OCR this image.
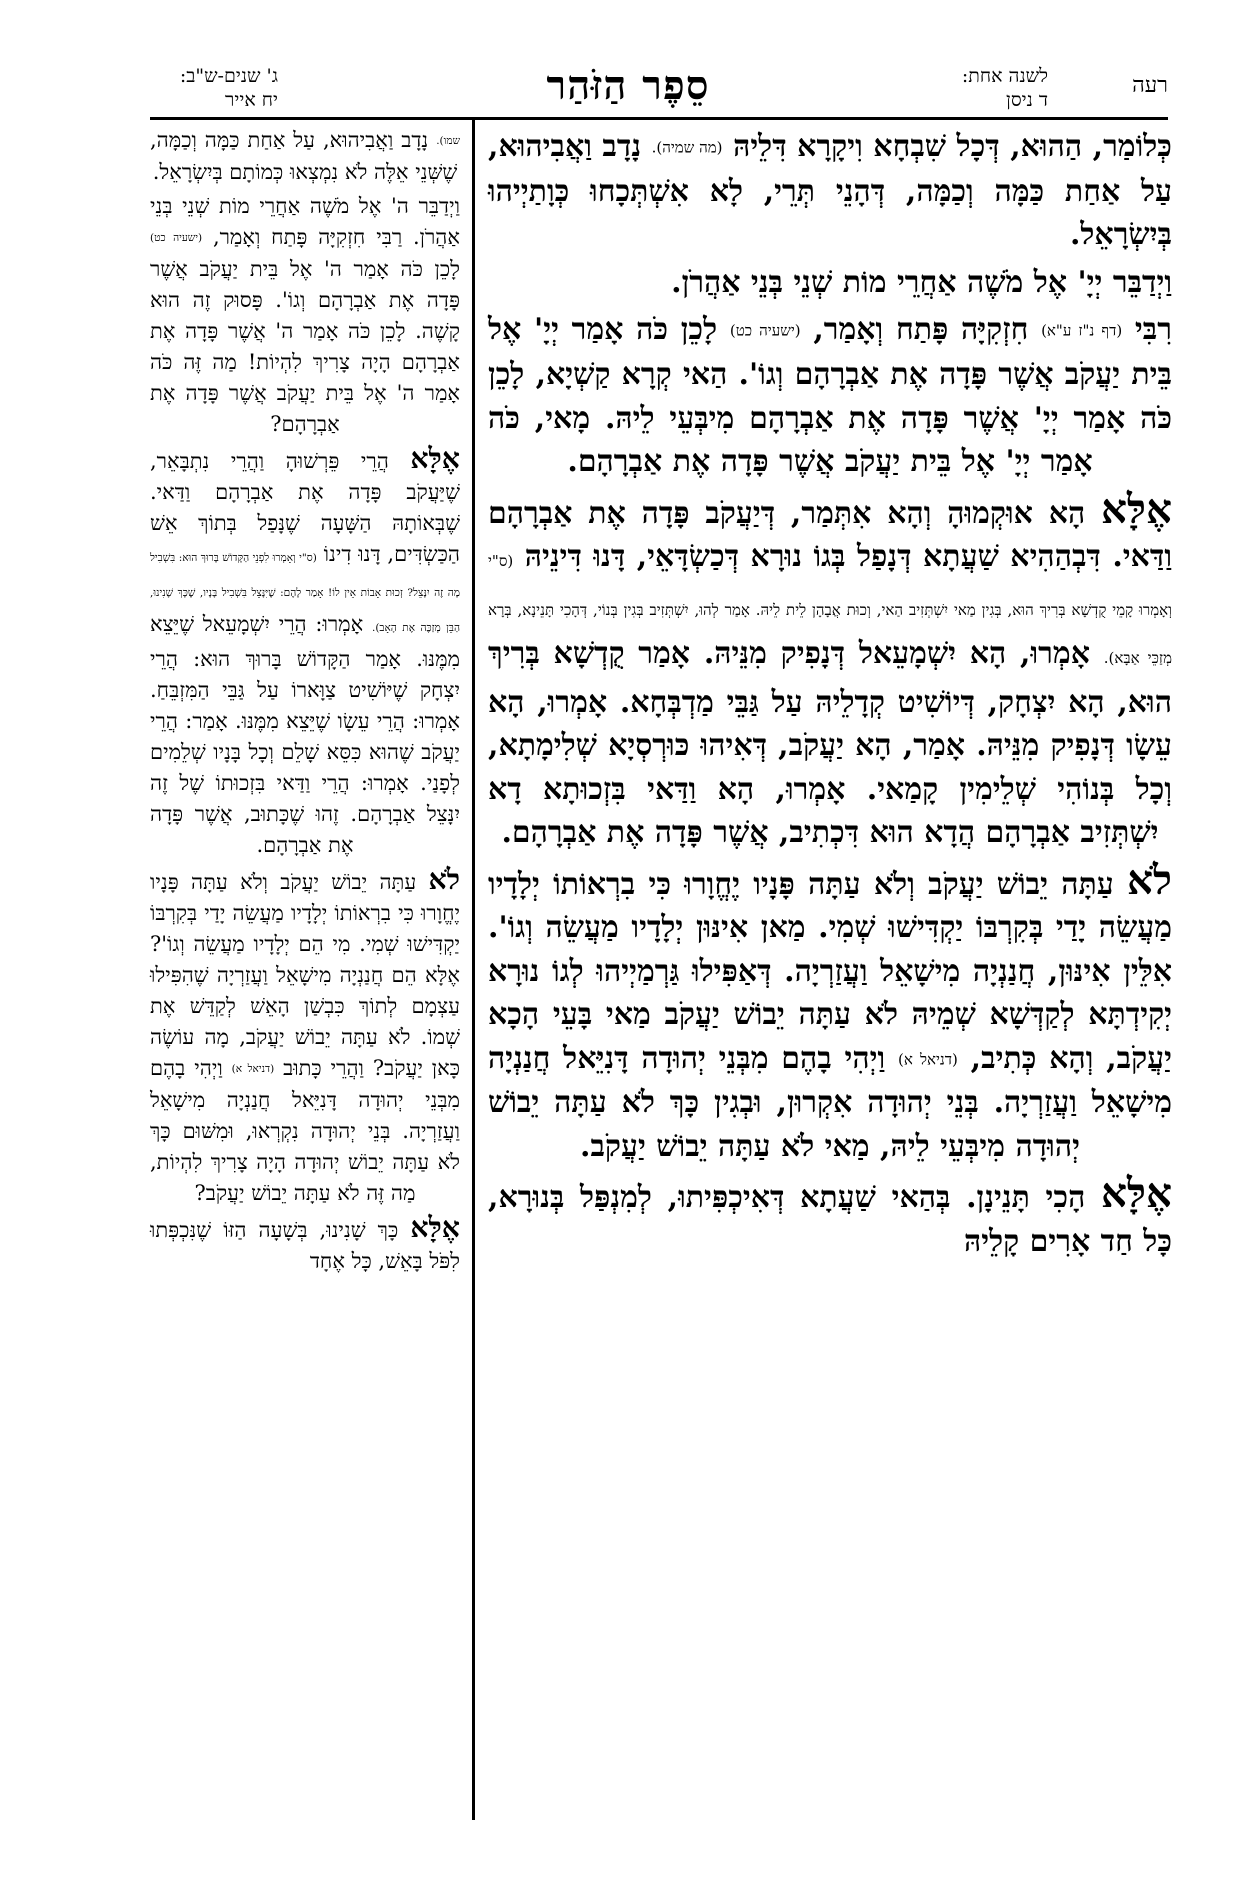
רעה
לשנה אחת:
ד ניסן
סֵפֶר הַזֹּהַר
ג' שנים-ש"ב:
יח אייר

כְּלוֹמַר, הַהוּא, דְּכָל שִׁבְחָא וִיקָרָא דִּלֵיהּ (מה שמיה). נָדָב וַאֲבִיהוּא, עַל אַחַת כַּמָּה וְכַמָּה, דְּהָנֵי תְּרֵי, לָא אִשְׁתְּכָחוּ כְּוָתַיְיהוּ בְּיִשְׂרָאֵל.

וַיְדַבֵּר יְיָ' אֶל מֹשֶׁה אַחֲרֵי מוֹת שְׁנֵי בְּנֵי אַהֲרֹן.

רִבִּי (דף נ"ז ע"א) חִזְקִיָּה פָּתַח וְאָמַר, (ישעיה כט) לָכֵן כֹּה אָמַר יְיָ' אֶל בֵּית יַעֲקֹב אֲשֶׁר פָּדָה אֶת אַבְרָהָם וְגוֹ'. הַאי קְרָא קַשְׁיָא, לָכֵן כֹּה אָמַר יְיָ' אֲשֶׁר פָּדָה אֶת אַבְרָהָם מִיבְּעֵי לֵיהּ. מָאי, כֹּה אָמַר יְיָ' אֶל בֵּית יַעֲקֹב אֲשֶׁר פָּדָה אֶת אַבְרָהָם.

אֶלָּא הָא אוּקְמוּהָ וְהָא אִתְּמַר, דְּיַעֲקֹב פָּדָה אֶת אַבְרָהָם וַדַּאי. דִּבְהַהִיא שַׁעֲתָא דְּנָפַל בְּגוֹ נוּרָא דְּכַשְׂדָּאֵי, דָּנוּ דִּינֵיהּ (ס"י וְאָמְרוּ קָמֵי קֻדְשָׁא בְּרִיךְ הוּא, בְּגִין מַאי יִשְׁתְּזִיב הַאי, וְכוּת אֲבָהָן לֵית לֵיהּ. אָמַר לְהוּ, יִשְׁתְּזִיב בְּגִין בְּנוֹי, דְּהָכִי תָּנֵינָא, בְּרָא מְזַכֵּי אַבָּא). אָמְרוּ, הָא יִשְׁמָעֵאל דְּנָפִיק מִנֵּיהּ. אָמַר קֻדְשָׁא בְּרִיךְ הוּא, הָא יִצְחָק, דְּיוֹשִׁיט קְדָלֵיהּ עַל גַּבֵּי מַדְבְּחָא. אָמְרוּ, הָא עֵשָׂו דְּנָפִיק מִנֵּיהּ. אָמַר, הָא יַעֲקֹב, דְּאִיהוּ כּוּרְסְיָא שְׁלִימָתָא, וְכָל בְּנוֹהִי שְׁלֵימִין קָמַאי. אָמְרוּ, הָא וַדַּאי בִּזְכוּתָא דָא יִשְׁתְּזִיב אַבְרָהָם הֲדָא הוּא דִּכְתִיב, אֲשֶׁר פָּדָה אֶת אַבְרָהָם.

לֹא עַתָּה יֵבוֹשׁ יַעֲקֹב וְלֹא עַתָּה פָּנָיו יֶחֱוָרוּ כִּי בִרְאוֹתוֹ יְלָדָיו מַעֲשֵׂה יָדַי בְּקִרְבּוֹ יַקְדִּישׁוּ שְׁמִי. מַאן אִינּוּן יְלָדָיו מַעֲשֵׂה וְגוֹ'. אִלֵּין אִינּוּן, חֲנַנְיָה מִישָׁאֵל וַעֲזַרְיָה. דְּאַפִּילוּ גַּרְמַיְיהוּ לְגוֹ נוּרָא יְקִידְתָּא לְקַדְּשָׁא שְׁמֵיהּ לֹא עַתָּה יֵבוֹשׁ יַעֲקֹב מַאי בָּעֵי הָכָא יַעֲקֹב, וְהָא כְּתִיב, (דניאל א) וַיְהִי בָהֶם מִבְּנֵי יְהוּדָה דָּנִיֵּאל חֲנַנְיָה מִישָׁאֵל וַעֲזַרְיָה. בְּנֵי יְהוּדָה אִקְרוּן, וּבְגִין כָּךְ לֹא עַתָּה יֵבוֹשׁ יְהוּדָה מִיבְּעֵי לֵיהּ, מַאי לֹא עַתָּה יֵבוֹשׁ יַעֲקֹב.

אֶלָּא הָכִי תָּנֵינָן. בְּהַאי שַׁעֲתָא דְּאִיכְפִּיתוּ, לְמִנְפַּל בְּנוּרָא, כָּל חַד אָרִים קָלֵיהּ

שמו). נָדָב וַאֲבִיהוּא, עַל אַחַת כַּמָּה וְכַמָּה, שֶׁשְּׁנֵי אֵלֶּה לֹא נִמְצְאוּ כְּמוֹתָם בְּיִשְׂרָאֵל.

וַיְדַבֵּר ה' אֶל מֹשֶׁה אַחֲרֵי מוֹת שְׁנֵי בְּנֵי אַהֲרֹן. רַבִּי חִזְקִיָּה פָּתַח וְאָמַר, (ישעיה כט) לָכֵן כֹּה אָמַר ה' אֶל בֵּית יַעֲקֹב אֲשֶׁר פָּדָה אֶת אַבְרָהָם וְגוֹ'. פָּסוּק זֶה הוּא קָשֶׁה. לָכֵן כֹּה אָמַר ה' אֲשֶׁר פָּדָה אֶת אַבְרָהָם הָיָה צָרִיךְ לִהְיוֹת! מַה זֶּה כֹּה אָמַר ה' אֶל בֵּית יַעֲקֹב אֲשֶׁר פָּדָה אֶת אַבְרָהָם?

אֶלָּא הֲרֵי פֵּרְשׁוּהָ וַהֲרֵי נִתְבָּאֵר, שֶׁיַּעֲקֹב פָּדָה אֶת אַבְרָהָם וַדַּאי. שֶׁבְּאוֹתָהּ הַשָּׁעָה שֶׁנָּפַל בְּתוֹךְ אֵשׁ הַכַּשְׂדִּים, דָּנוּ דִינוֹ (ס"י וְאָמְרוּ לִפְנֵי הַקָּדוֹשׁ בָּרוּךְ הוּא: בִּשְׁבִיל מָה זֶה יִנָּצֵל? זְכוּת אָבוֹת אֵין לוֹ! אָמַר לָהֶם: שֶׁיִּנָּצֵל בִּשְׁבִיל בָּנָיו, שֶׁכָּךְ שָׁנִינוּ, הַבֵּן מְזַכֶּה אֶת הָאָב). אָמְרוּ: הֲרֵי יִשְׁמָעֵאל שֶׁיֵּצֵא מִמֶּנּוּ. אָמַר הַקָּדוֹשׁ בָּרוּךְ הוּא: הֲרֵי יִצְחָק שֶׁיּוֹשִׁיט צַוָּארוֹ עַל גַּבֵּי הַמִּזְבֵּחַ. אָמְרוּ: הֲרֵי עֵשָׂו שֶׁיֵּצֵא מִמֶּנּוּ. אָמַר: הֲרֵי יַעֲקֹב שֶׁהוּא כִּסֵּא שָׁלֵם וְכָל בָּנָיו שְׁלֵמִים לְפָנַי. אָמְרוּ: הֲרֵי וַדַּאי בִּזְכוּתוֹ שֶׁל זֶה יִנָּצֵל אַבְרָהָם. זֶהוּ שֶׁכָּתוּב, אֲשֶׁר פָּדָה אֶת אַבְרָהָם.

לֹא עַתָּה יֵבוֹשׁ יַעֲקֹב וְלֹא עַתָּה פָּנָיו יֶחֱוָרוּ כִּי בִרְאוֹתוֹ יְלָדָיו מַעֲשֵׂה יָדַי בְּקִרְבּוֹ יַקְדִּישׁוּ שְׁמִי. מִי הֵם יְלָדָיו מַעֲשֵׂה וְגוֹ'? אֶלָּא הֵם חֲנַנְיָה מִישָׁאֵל וַעֲזַרְיָה שֶׁהִפִּילוּ עַצְמָם לְתוֹךְ כִּבְשַׁן הָאֵשׁ לְקַדֵּשׁ אֶת שְׁמוֹ. לֹא עַתָּה יֵבוֹשׁ יַעֲקֹב, מָה עוֹשֶׂה כָּאן יַעֲקֹב? וַהֲרֵי כָּתוּב (דניאל א) וַיְהִי בָהֶם מִבְּנֵי יְהוּדָה דָּנִיֵּאל חֲנַנְיָה מִישָׁאֵל וַעֲזַרְיָה. בְּנֵי יְהוּדָה נִקְרְאוּ, וּמִשּׁוּם כָּךְ לֹא עַתָּה יֵבוֹשׁ יְהוּדָה הָיָה צָרִיךְ לִהְיוֹת, מַה זֶּה לֹא עַתָּה יֵבוֹשׁ יַעֲקֹב?

אֶלָּא כָּךְ שָׁנִינוּ, בְּשָׁעָה הַזּוֹ שֶׁנִּכְפְּתוּ לִפֹּל בָּאֵשׁ, כָּל אֶחָד
